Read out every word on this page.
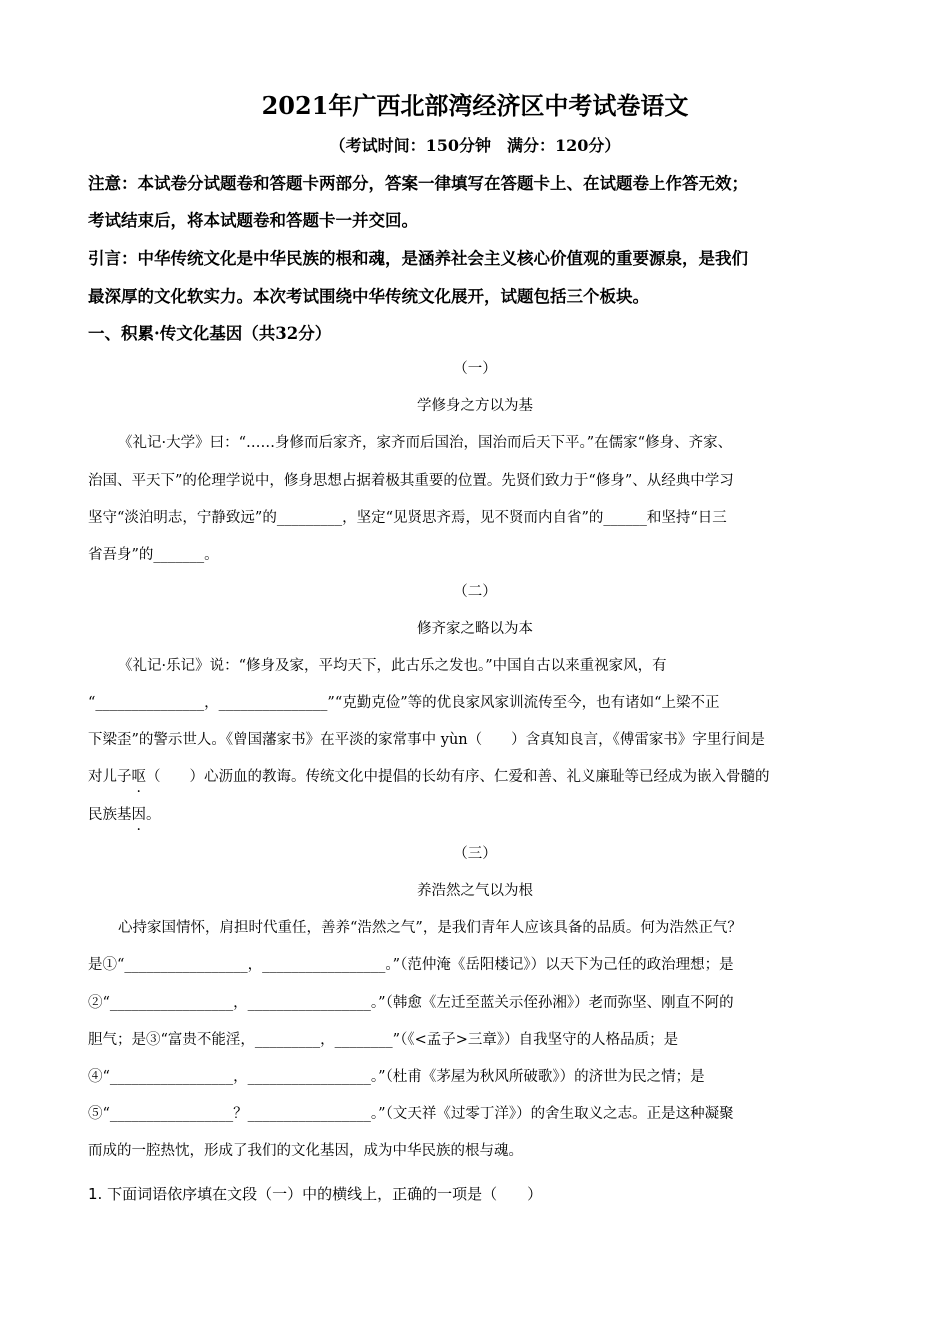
2021年广西北部湾经济区中考试卷语文
（考试时间：150分钟　满分：120分）
注意：本试卷分试题卷和答题卡两部分，答案一律填写在答题卡上、在试题卷上作答无效；
考试结束后，将本试题卷和答题卡一并交回。
引言：中华传统文化是中华民族的根和魂，是涵养社会主义核心价值观的重要源泉，是我们
最深厚的文化软实力。本次考试围绕中华传统文化展开，试题包括三个板块。
一、积累·传文化基因（共32分）
（一）
学修身之方以为基
《礼记·大学》曰：“……身修而后家齐，家齐而后国治，国治而后天下平。”在儒家“修身、齐家、
治国、平天下”的伦理学说中，修身思想占据着极其重要的位置。先贤们致力于“修身”、从经典中学习
坚守“淡泊明志，宁静致远”的_________，坚定“见贤思齐焉，见不贤而内自省”的______和坚持“日三
省吾身”的_______。
（二）
修齐家之略以为本
《礼记·乐记》说：“修身及家，平均天下，此古乐之发也。”中国自古以来重视家风，有
“_______________，_______________”“克勤克俭”等的优良家风家训流传至今，也有诸如“上梁不正
下梁歪”的警示世人。《曾国藩家书》在平淡的家常事中 yùn（　　）含真知良言，《傅雷家书》字里行间是
对儿子呕（　　）心沥血的教诲。传统文化中提倡的长幼有序、仁爱和善、礼义廉耻等已经成为嵌入骨髓的
民族基因。
（三）
养浩然之气以为根
心持家国情怀，肩担时代重任，善养“浩然之气”，是我们青年人应该具备的品质。何为浩然正气？
是①“_________________，_________________。”（范仲淹《岳阳楼记》）以天下为己任的政治理想；是
②“_________________，_________________。”（韩愈《左迁至蓝关示侄孙湘》）老而弥坚、刚直不阿的
胆气；是③“富贵不能淫，_________，________”（《<孟子>三章》）自我坚守的人格品质；是
④“_________________，_________________。”（杜甫《茅屋为秋风所破歌》）的济世为民之情；是
⑤“_________________？_________________。”（文天祥《过零丁洋》）的舍生取义之志。正是这种凝聚
而成的一腔热忱，形成了我们的文化基因，成为中华民族的根与魂。
1. 下面词语依序填在文段（一）中的横线上，正确的一项是（　　）
